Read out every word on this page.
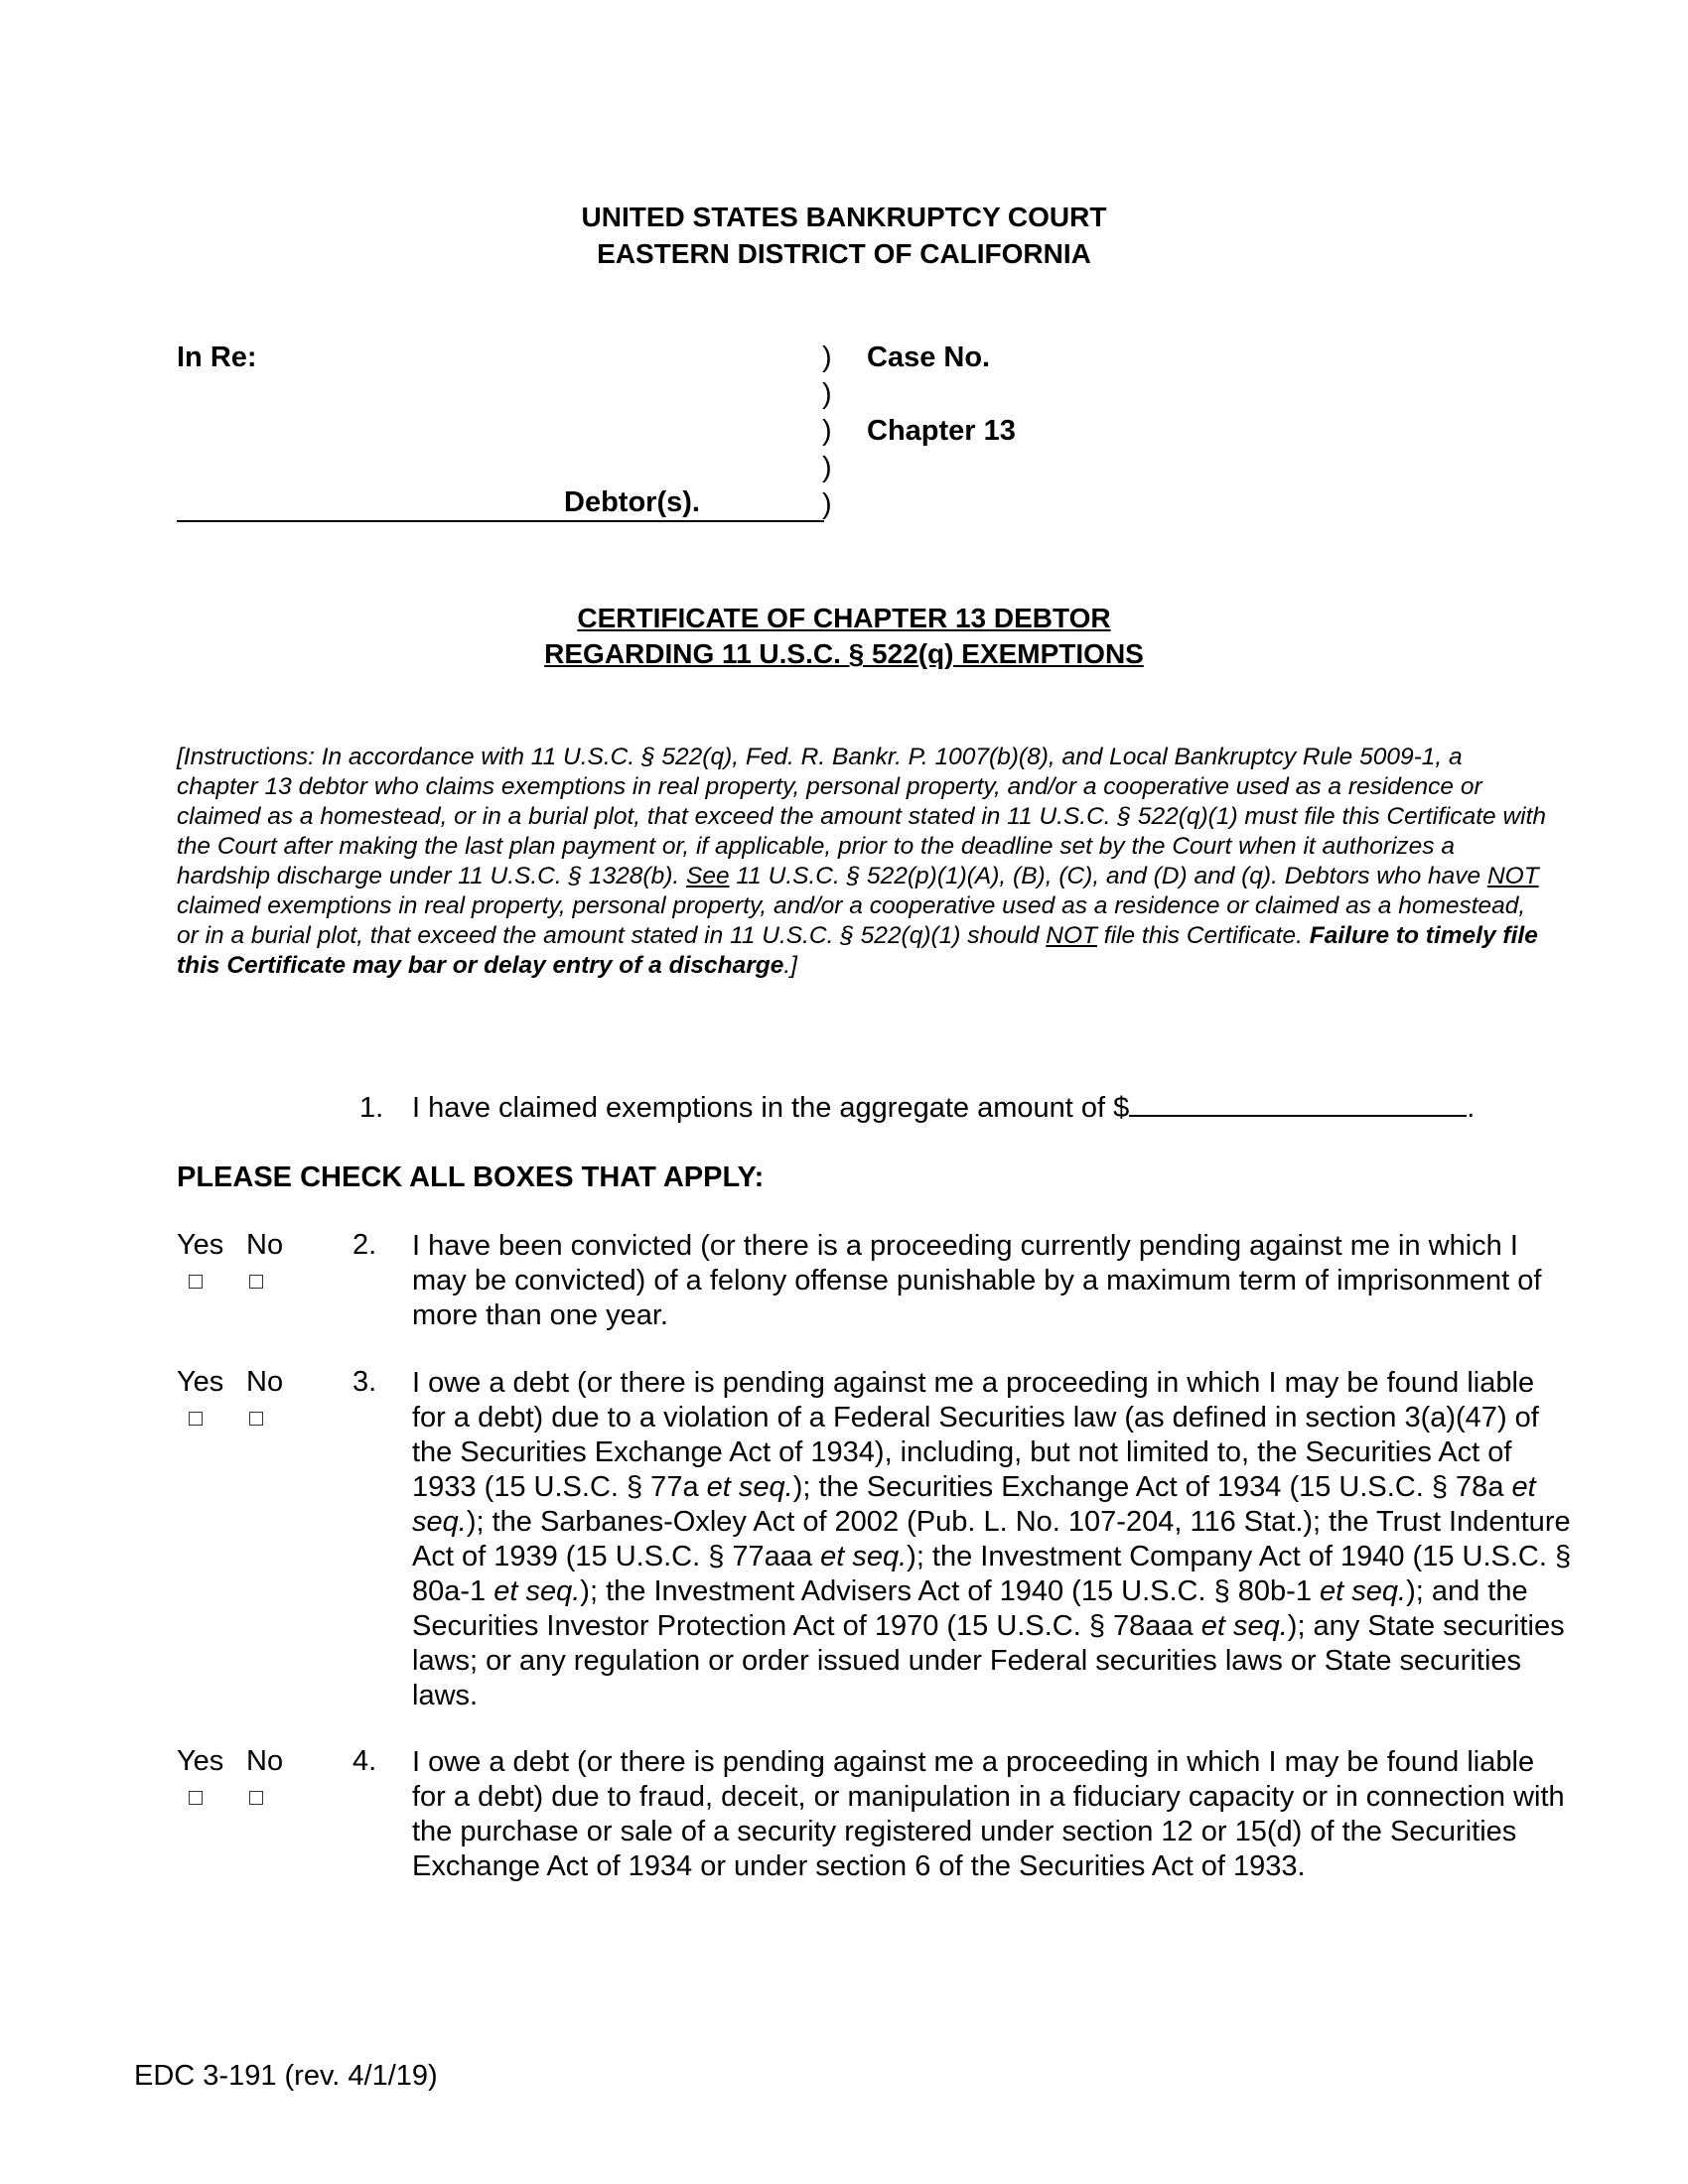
UNITED STATES BANKRUPTCY COURT
EASTERN DISTRICT OF CALIFORNIA
In Re:
Debtor(s).
)
)
)
)
)
Case No.
Chapter 13
CERTIFICATE OF CHAPTER 13 DEBTOR
REGARDING 11 U.S.C. § 522(q) EXEMPTIONS
[Instructions: In accordance with 11 U.S.C. § 522(q), Fed. R. Bankr. P. 1007(b)(8), and Local Bankruptcy Rule 5009-1, a chapter 13 debtor who claims exemptions in real property, personal property, and/or a cooperative used as a residence or claimed as a homestead, or in a burial plot, that exceed the amount stated in 11 U.S.C. § 522(q)(1) must file this Certificate with the Court after making the last plan payment or, if applicable, prior to the deadline set by the Court when it authorizes a hardship discharge under 11 U.S.C. § 1328(b). See 11 U.S.C. § 522(p)(1)(A), (B), (C), and (D) and (q). Debtors who have NOT claimed exemptions in real property, personal property, and/or a cooperative used as a residence or claimed as a homestead, or in a burial plot, that exceed the amount stated in 11 U.S.C. § 522(q)(1) should NOT file this Certificate. Failure to timely file this Certificate may bar or delay entry of a discharge.]
1. I have claimed exemptions in the aggregate amount of $	.
PLEASE CHECK ALL BOXES THAT APPLY:
Yes No 2. I have been convicted (or there is a proceeding currently pending against me in which I may be convicted) of a felony offense punishable by a maximum term of imprisonment of more than one year.
Yes No 3. I owe a debt (or there is pending against me a proceeding in which I may be found liable for a debt) due to a violation of a Federal Securities law (as defined in section 3(a)(47) of the Securities Exchange Act of 1934), including, but not limited to, the Securities Act of 1933 (15 U.S.C. § 77a et seq.); the Securities Exchange Act of 1934 (15 U.S.C. § 78a et seq.); the Sarbanes-Oxley Act of 2002 (Pub. L. No. 107-204, 116 Stat.); the Trust Indenture Act of 1939 (15 U.S.C. § 77aaa et seq.); the Investment Company Act of 1940 (15 U.S.C. § 80a-1 et seq.); the Investment Advisers Act of 1940 (15 U.S.C. § 80b-1 et seq.); and the Securities Investor Protection Act of 1970 (15 U.S.C. § 78aaa et seq.); any State securities laws; or any regulation or order issued under Federal securities laws or State securities laws.
Yes No 4. I owe a debt (or there is pending against me a proceeding in which I may be found liable for a debt) due to fraud, deceit, or manipulation in a fiduciary capacity or in connection with the purchase or sale of a security registered under section 12 or 15(d) of the Securities Exchange Act of 1934 or under section 6 of the Securities Act of 1933.
EDC 3-191 (rev. 4/1/19)
